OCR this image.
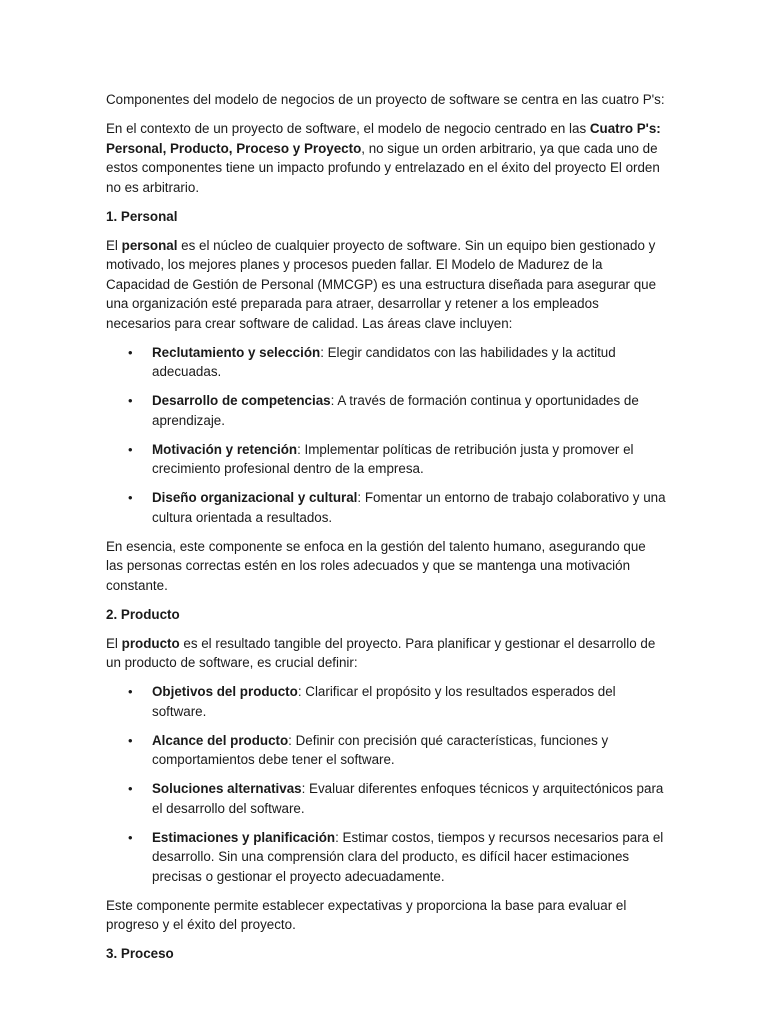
Componentes del modelo de negocios de un proyecto de software se centra en las cuatro P's:

En el contexto de un proyecto de software, el modelo de negocio centrado en las Cuatro P's: Personal, Producto, Proceso y Proyecto, no sigue un orden arbitrario, ya que cada uno de estos componentes tiene un impacto profundo y entrelazado en el éxito del proyecto El orden no es arbitrario.

1. Personal

El personal es el núcleo de cualquier proyecto de software. Sin un equipo bien gestionado y motivado, los mejores planes y procesos pueden fallar. El Modelo de Madurez de la Capacidad de Gestión de Personal (MMCGP) es una estructura diseñada para asegurar que una organización esté preparada para atraer, desarrollar y retener a los empleados necesarios para crear software de calidad. Las áreas clave incluyen:

• Reclutamiento y selección: Elegir candidatos con las habilidades y la actitud adecuadas.
• Desarrollo de competencias: A través de formación continua y oportunidades de aprendizaje.
• Motivación y retención: Implementar políticas de retribución justa y promover el crecimiento profesional dentro de la empresa.
• Diseño organizacional y cultural: Fomentar un entorno de trabajo colaborativo y una cultura orientada a resultados.

En esencia, este componente se enfoca en la gestión del talento humano, asegurando que las personas correctas estén en los roles adecuados y que se mantenga una motivación constante.

2. Producto

El producto es el resultado tangible del proyecto. Para planificar y gestionar el desarrollo de un producto de software, es crucial definir:

• Objetivos del producto: Clarificar el propósito y los resultados esperados del software.
• Alcance del producto: Definir con precisión qué características, funciones y comportamientos debe tener el software.
• Soluciones alternativas: Evaluar diferentes enfoques técnicos y arquitectónicos para el desarrollo del software.
• Estimaciones y planificación: Estimar costos, tiempos y recursos necesarios para el desarrollo. Sin una comprensión clara del producto, es difícil hacer estimaciones precisas o gestionar el proyecto adecuadamente.

Este componente permite establecer expectativas y proporciona la base para evaluar el progreso y el éxito del proyecto.

3. Proceso
